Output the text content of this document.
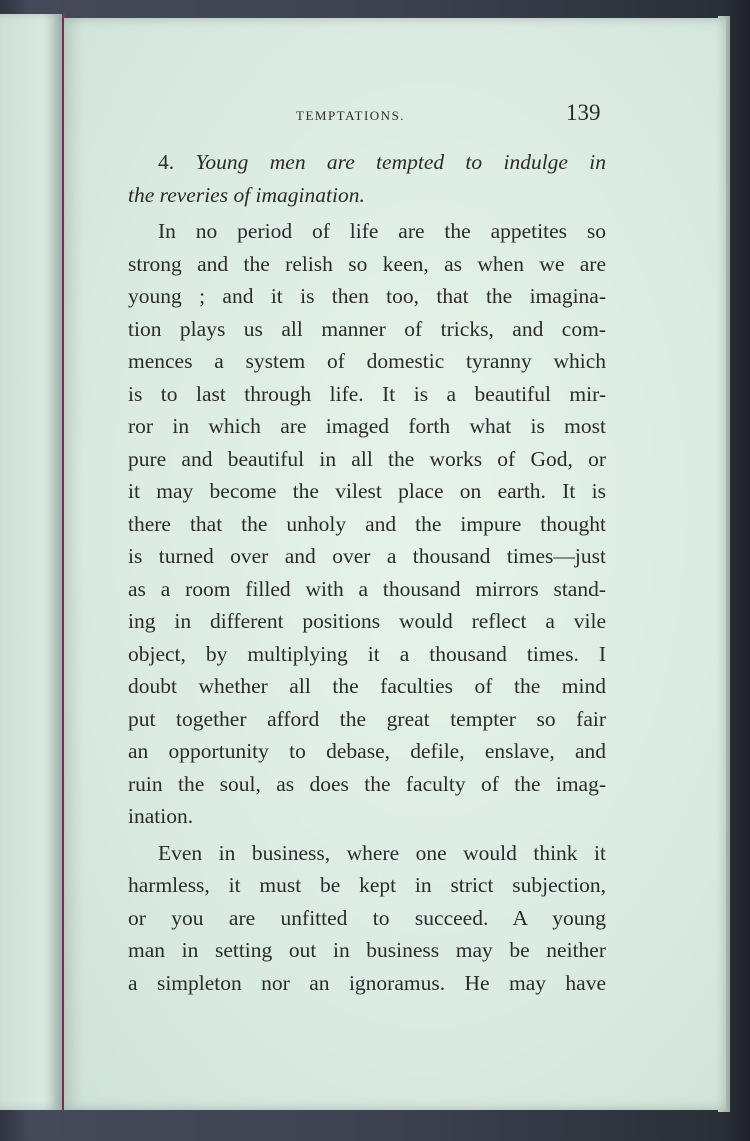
TEMPTATIONS.	139
4. Young men are tempted to indulge in
the reveries of imagination.
In no period of life are the appetites so
strong and the relish so keen, as when we are
young ; and it is then too, that the imagina-
tion plays us all manner of tricks, and com-
mences a system of domestic tyranny which
is to last through life. It is a beautiful mir-
ror in which are imaged forth what is most
pure and beautiful in all the works of God, or
it may become the vilest place on earth. It is
there that the unholy and the impure thought
is turned over and over a thousand times—just
as a room filled with a thousand mirrors stand-
ing in different positions would reflect a vile
object, by multiplying it a thousand times. I
doubt whether all the faculties of the mind
put together afford the great tempter so fair
an opportunity to debase, defile, enslave, and
ruin the soul, as does the faculty of the imag-
ination.
Even in business, where one would think it
harmless, it must be kept in strict subjection,
or you are unfitted to succeed. A young
man in setting out in business may be neither
a simpleton nor an ignoramus. He may have
